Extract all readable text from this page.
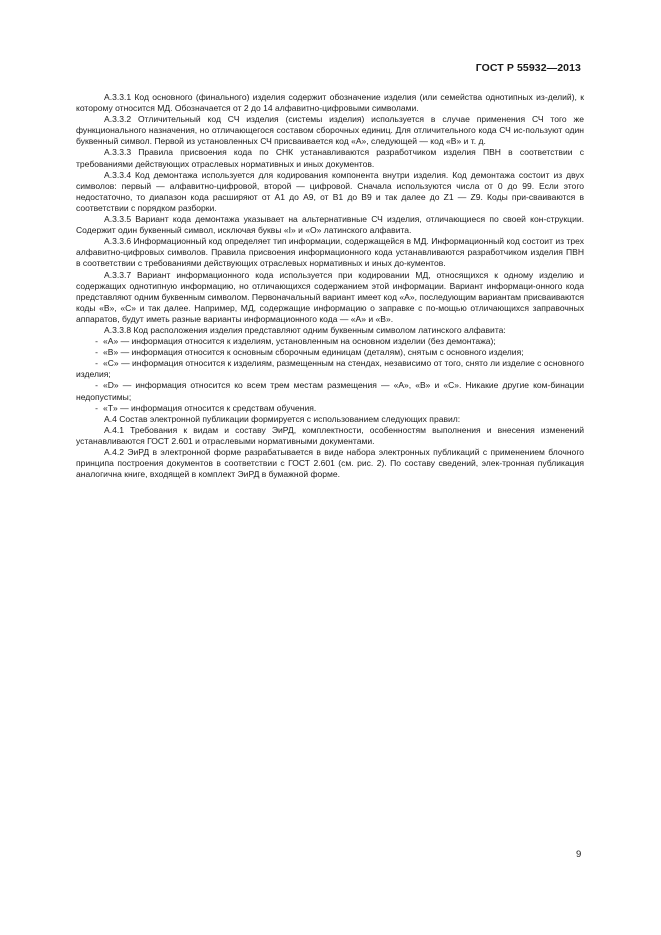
ГОСТ Р 55932—2013

А.3.3.1 Код основного (финального) изделия содержит обозначение изделия (или семейства однотипных из-делий), к которому относится МД. Обозначается от 2 до 14 алфавитно-цифровыми символами.

А.3.3.2 Отличительный код СЧ изделия (системы изделия) используется в случае применения СЧ того же функционального назначения, но отличающегося составом сборочных единиц. Для отличительного кода СЧ ис-пользуют один буквенный символ. Первой из установленных СЧ присваивается код «A», следующей — код «B» и т. д.

А.3.3.3 Правила присвоения кода по СНК устанавливаются разработчиком изделия ПВН в соответствии с требованиями действующих отраслевых нормативных и иных документов.

А.3.3.4 Код демонтажа используется для кодирования компонента внутри изделия. Код демонтажа состоит из двух символов: первый — алфавитно-цифровой, второй — цифровой. Сначала используются числа от 0 до 99. Если этого недостаточно, то диапазон кода расширяют от А1 до А9, от В1 до В9 и так далее до Z1 — Z9. Коды при-сваиваются в соответствии с порядком разборки.

А.3.3.5 Вариант кода демонтажа указывает на альтернативные СЧ изделия, отличающиеся по своей кон-струкции. Содержит один буквенный символ, исключая буквы «I» и «O» латинского алфавита.

А.3.3.6 Информационный код определяет тип информации, содержащейся в МД. Информационный код состоит из трех алфавитно-цифровых символов. Правила присвоения информационного кода устанавливаются разработчиком изделия ПВН в соответствии с требованиями действующих отраслевых нормативных и иных до-кументов.

А.3.3.7 Вариант информационного кода используется при кодировании МД, относящихся к одному изделию и содержащих однотипную информацию, но отличающихся содержанием этой информации. Вариант информаци-онного кода представляют одним буквенным символом. Первоначальный вариант имеет код «А», последующим вариантам присваиваются коды «В», «С» и так далее. Например, МД, содержащие информацию о заправке с по-мощью отличающихся заправочных аппаратов, будут иметь разные варианты информационного кода — «А» и «В».

А.3.3.8 Код расположения изделия представляют одним буквенным символом латинского алфавита:

- «A» — информация относится к изделиям, установленным на основном изделии (без демонтажа);

- «B» — информация относится к основным сборочным единицам (деталям), снятым с основного изделия;

- «C» — информация относится к изделиям, размещенным на стендах, независимо от того, снято ли изделие с основного изделия;

- «D» — информация относится ко всем трем местам размещения — «А», «В» и «С». Никакие другие ком-бинации недопустимы;

- «T» — информация относится к средствам обучения.

А.4 Состав электронной публикации формируется с использованием следующих правил:

А.4.1 Требования к видам и составу ЭиРД, комплектности, особенностям выполнения и внесения изменений устанавливаются ГОСТ 2.601 и отраслевыми нормативными документами.

А.4.2 ЭиРД в электронной форме разрабатывается в виде набора электронных публикаций с применением блочного принципа построения документов в соответствии с ГОСТ 2.601 (см. рис. 2). По составу сведений, элек-тронная публикация аналогична книге, входящей в комплект ЭиРД в бумажной форме.

9
